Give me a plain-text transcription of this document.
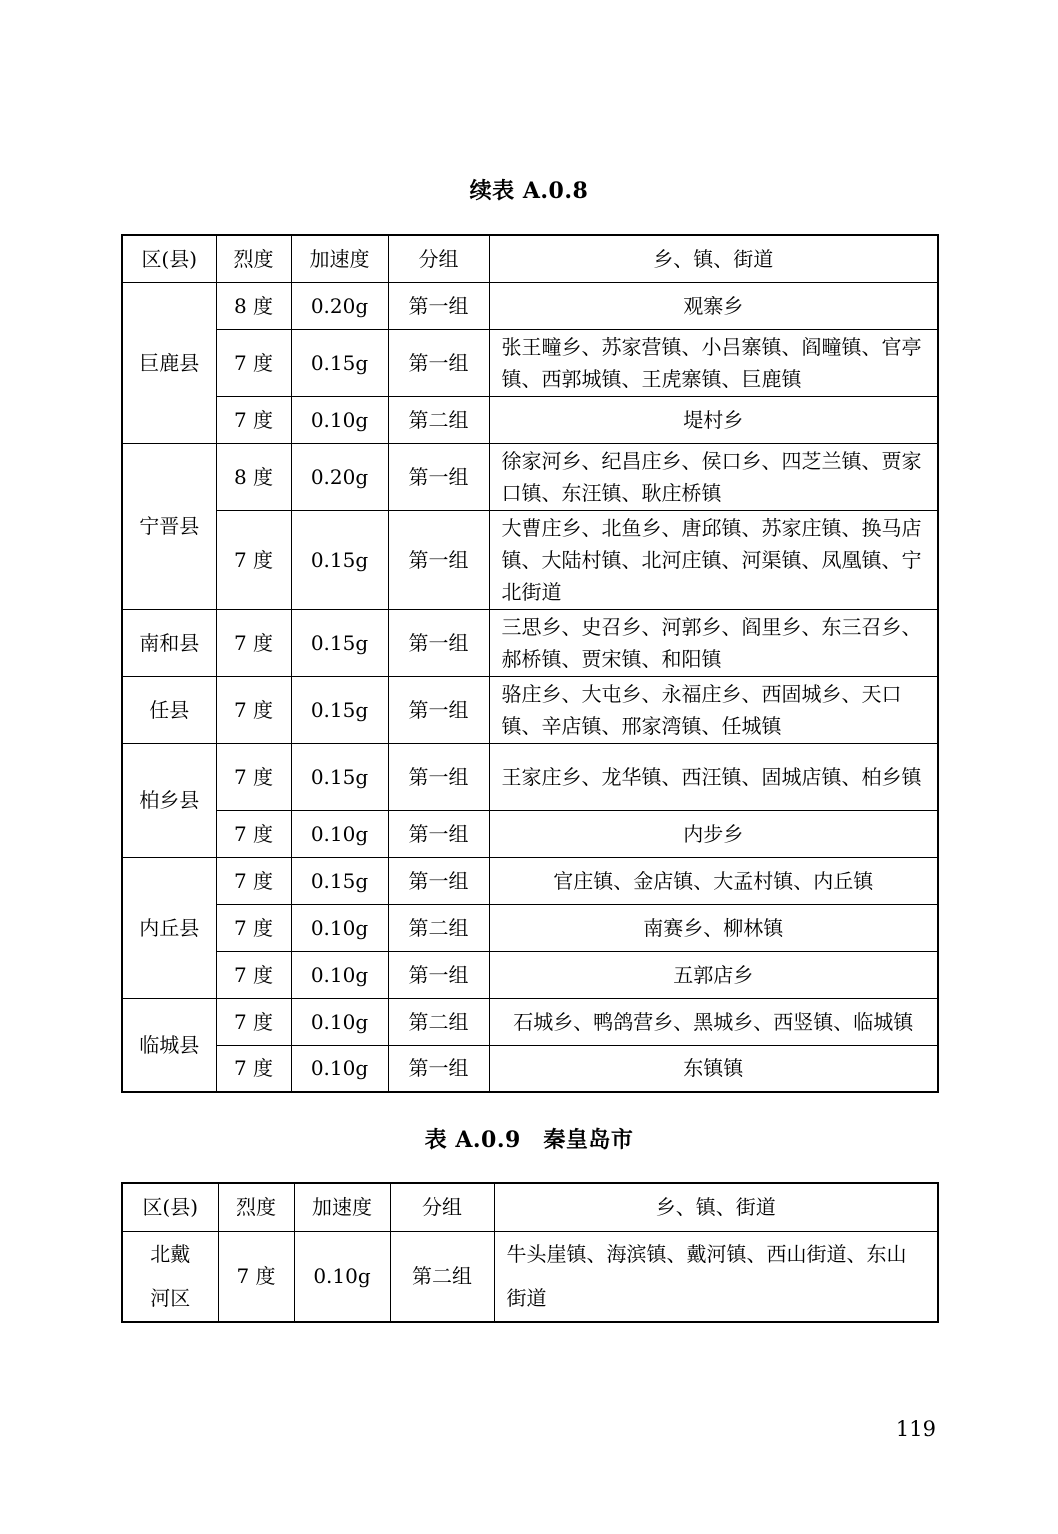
续表 A.0.8
区(县)	烈度	加速度	分组	乡、镇、街道
巨鹿县	8 度	0.20g	第一组	观寨乡
	7 度	0.15g	第一组	张王疃乡、苏家营镇、小吕寨镇、阎疃镇、官亭镇、西郭城镇、王虎寨镇、巨鹿镇
	7 度	0.10g	第二组	堤村乡
宁晋县	8 度	0.20g	第一组	徐家河乡、纪昌庄乡、侯口乡、四芝兰镇、贾家口镇、东汪镇、耿庄桥镇
	7 度	0.15g	第一组	大曹庄乡、北鱼乡、唐邱镇、苏家庄镇、换马店镇、大陆村镇、北河庄镇、河渠镇、凤凰镇、宁北街道
南和县	7 度	0.15g	第一组	三思乡、史召乡、河郭乡、阎里乡、东三召乡、郝桥镇、贾宋镇、和阳镇
任县	7 度	0.15g	第一组	骆庄乡、大屯乡、永福庄乡、西固城乡、天口镇、辛店镇、邢家湾镇、任城镇
柏乡县	7 度	0.15g	第一组	王家庄乡、龙华镇、西汪镇、固城店镇、柏乡镇
	7 度	0.10g	第一组	内步乡
内丘县	7 度	0.15g	第一组	官庄镇、金店镇、大孟村镇、内丘镇
	7 度	0.10g	第二组	南赛乡、柳林镇
	7 度	0.10g	第一组	五郭店乡
临城县	7 度	0.10g	第二组	石城乡、鸭鸽营乡、黑城乡、西竖镇、临城镇
	7 度	0.10g	第一组	东镇镇
表 A.0.9　秦皇岛市
区(县)	烈度	加速度	分组	乡、镇、街道
北戴河区	7 度	0.10g	第二组	牛头崖镇、海滨镇、戴河镇、西山街道、东山街道
119
